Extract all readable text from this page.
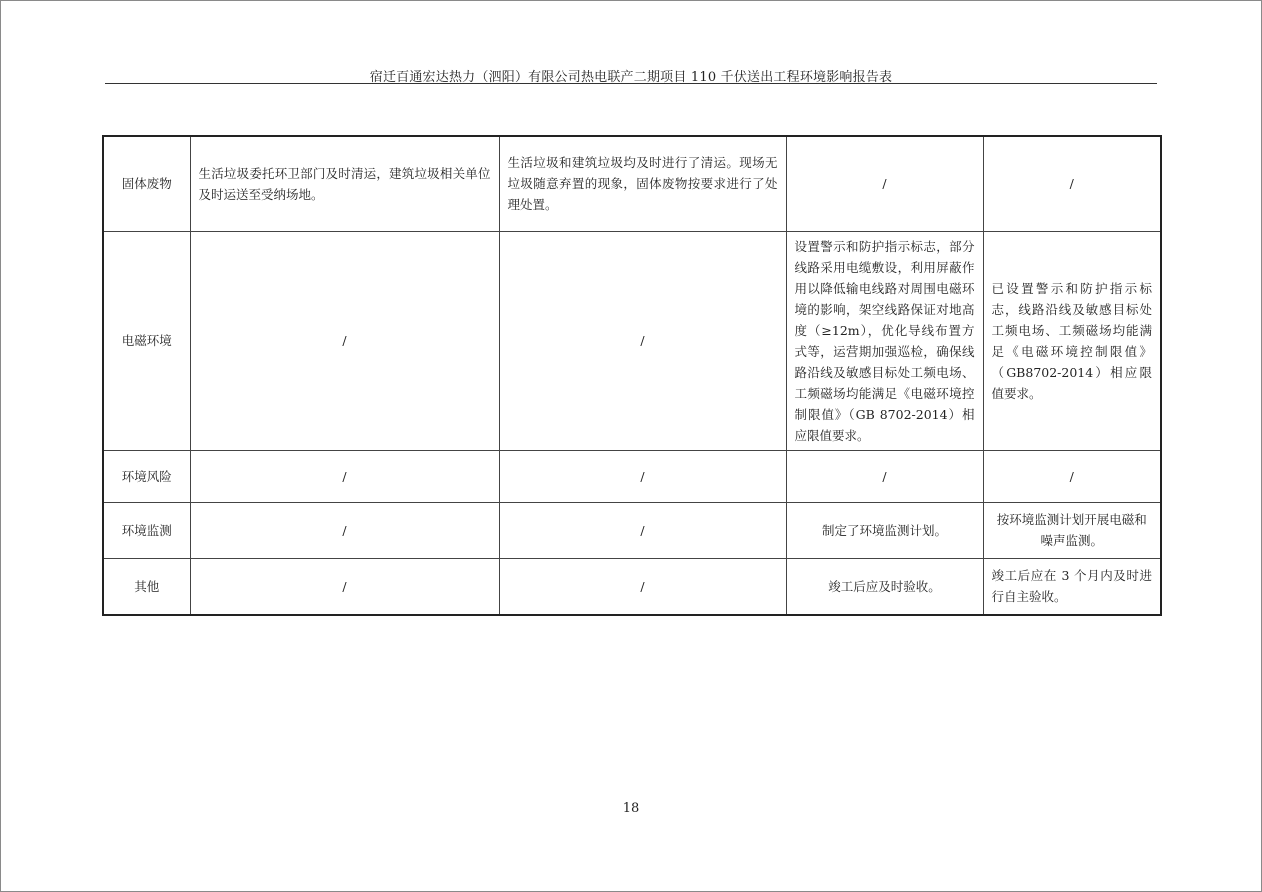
宿迁百通宏达热力（泗阳）有限公司热电联产二期项目 110 千伏送出工程环境影响报告表
固体废物	生活垃圾委托环卫部门及时清运，建筑垃圾相关单位及时运送至受纳场地。	生活垃圾和建筑垃圾均及时进行了清运。现场无垃圾随意弃置的现象，固体废物按要求进行了处理处置。	/	/
电磁环境	/	/	设置警示和防护指示标志，部分线路采用电缆敷设，利用屏蔽作用以降低输电线路对周围电磁环境的影响，架空线路保证对地高度（≥12m），优化导线布置方式等，运营期加强巡检，确保线路沿线及敏感目标处工频电场、工频磁场均能满足《电磁环境控制限值》（GB 8702-2014）相应限值要求。	已设置警示和防护指示标志，线路沿线及敏感目标处工频电场、工频磁场均能满足《电磁环境控制限值》（GB8702-2014）相应限值要求。
环境风险	/	/	/	/
环境监测	/	/	制定了环境监测计划。	按环境监测计划开展电磁和噪声监测。
其他	/	/	竣工后应及时验收。	竣工后应在 3 个月内及时进行自主验收。
18
